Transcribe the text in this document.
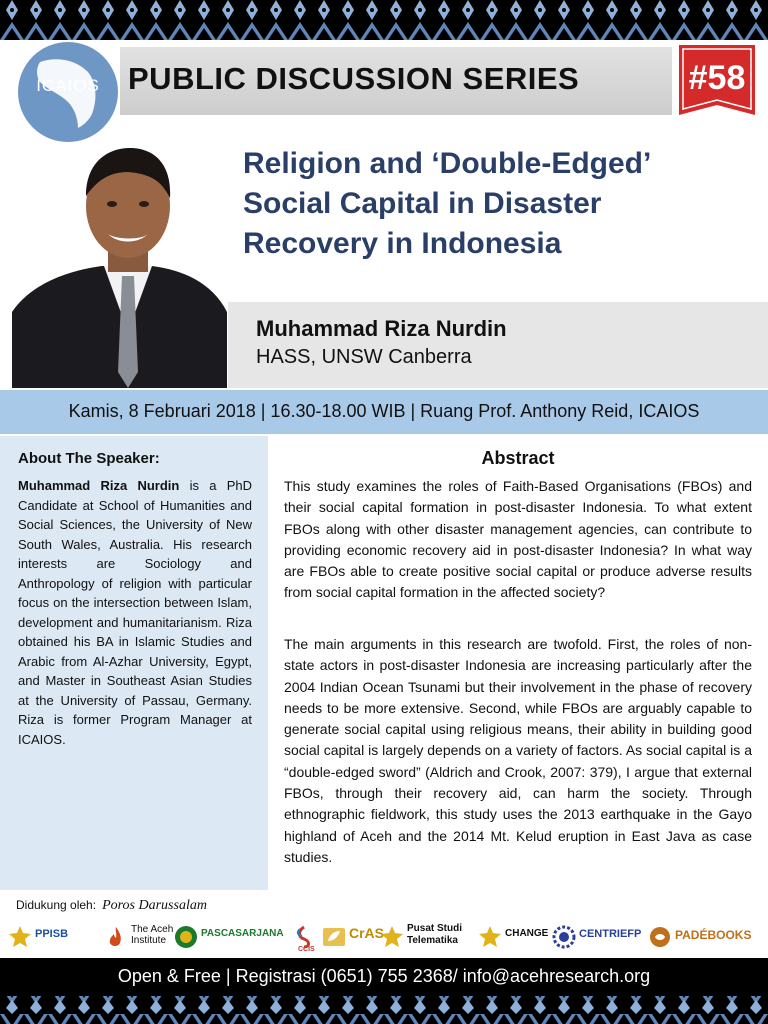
ICAIOS PUBLIC DISCUSSION SERIES	#58
Religion and ‘Double-Edged’ Social Capital in Disaster Recovery in Indonesia
Muhammad Riza Nurdin
HASS, UNSW Canberra
Kamis, 8 Februari 2018 | 16.30-18.00 WIB | Ruang Prof. Anthony Reid, ICAIOS
About The Speaker:
Muhammad Riza Nurdin is a PhD Candidate at School of Humanities and Social Sciences, the University of New South Wales, Australia. His research interests are Sociology and Anthropology of religion with particular focus on the intersection between Islam, development and humanitarianism. Riza obtained his BA in Islamic Studies and Arabic from Al-Azhar University, Egypt, and Master in Southeast Asian Studies at the University of Passau, Germany. Riza is former Program Manager at ICAIOS.
Abstract
This study examines the roles of Faith-Based Organisations (FBOs) and their social capital formation in post-disaster Indonesia. To what extent FBOs along with other disaster management agencies, can contribute to providing economic recovery aid in post-disaster Indonesia? In what way are FBOs able to create positive social capital or produce adverse results from social capital formation in the affected society?
The main arguments in this research are twofold. First, the roles of non-state actors in post-disaster Indonesia are increasing particularly after the 2004 Indian Ocean Tsunami but their involvement in the phase of recovery needs to be more extensive. Second, while FBOs are arguably capable to generate social capital using religious means, their ability in building good social capital is largely depends on a variety of factors. As social capital is a “double-edged sword” (Aldrich and Crook, 2007: 379), I argue that external FBOs, through their recovery aid, can harm the society. Through ethnographic fieldwork, this study uses the 2013 earthquake in the Gayo highland of Aceh and the 2014 Mt. Kelud eruption in East Java as case studies.
Didukung oleh: Poros Darussalam
PPISB	The Aceh Institute
PASCASARJANA
CCIS
CrAS Pusat Studi Telematika
CHANGE	CENTRIEFP	PADÉBOOKS
Open & Free | Registrasi (0651) 755 2368/ info@acehresearch.org
